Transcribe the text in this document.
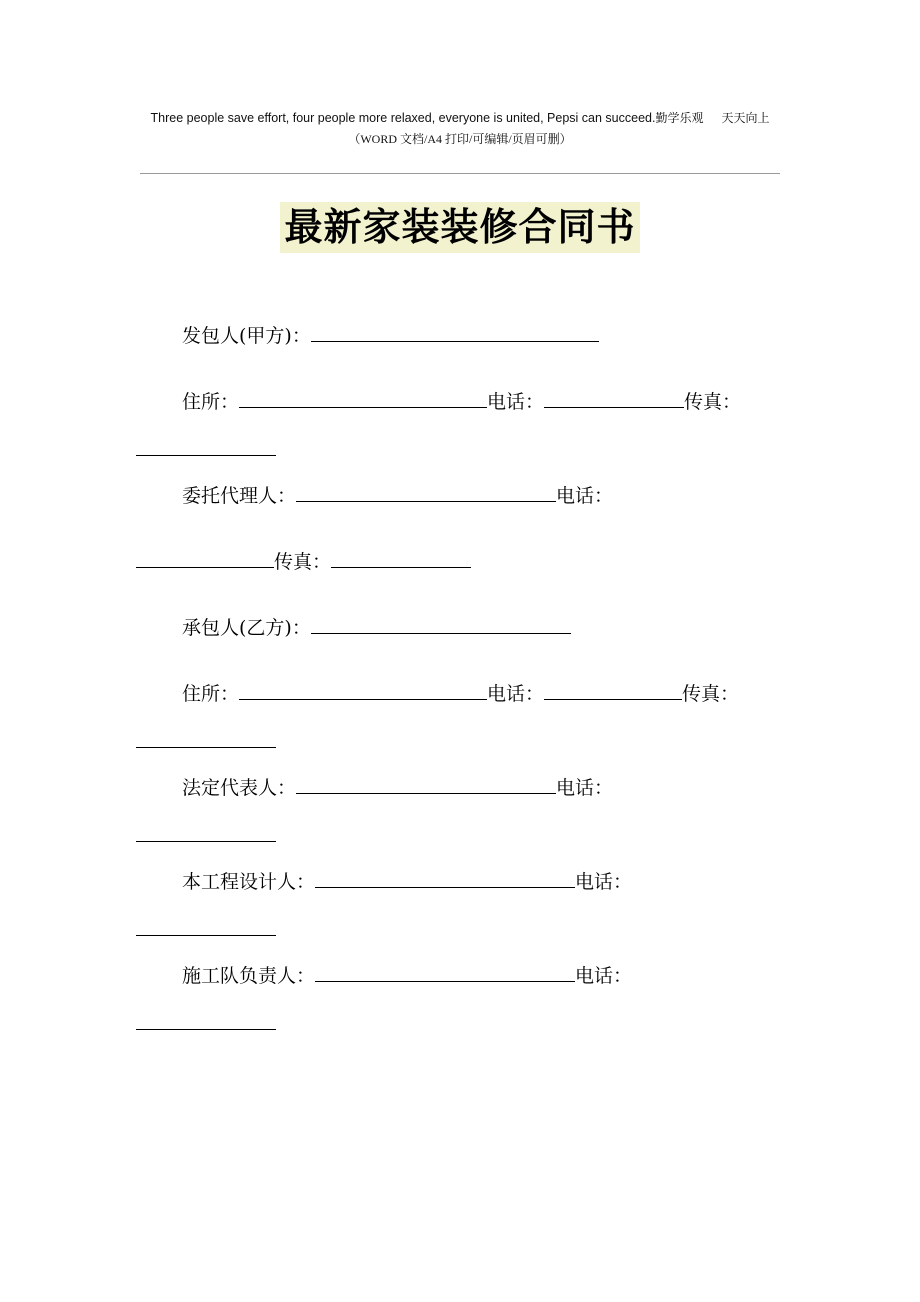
Three people save effort, four people more relaxed, everyone is united, Pepsi can succeed.勤学乐观 天天向上
（WORD 文档/A4 打印/可编辑/页眉可删）
最新家装装修合同书

发包人(甲方)：

住所：	电话：	传真：

委托代理人：	电话：

传真：

承包人(乙方)：

住所：	电话：	传真：

法定代表人：	电话：

本工程设计人：	电话：

施工队负责人：	电话：
